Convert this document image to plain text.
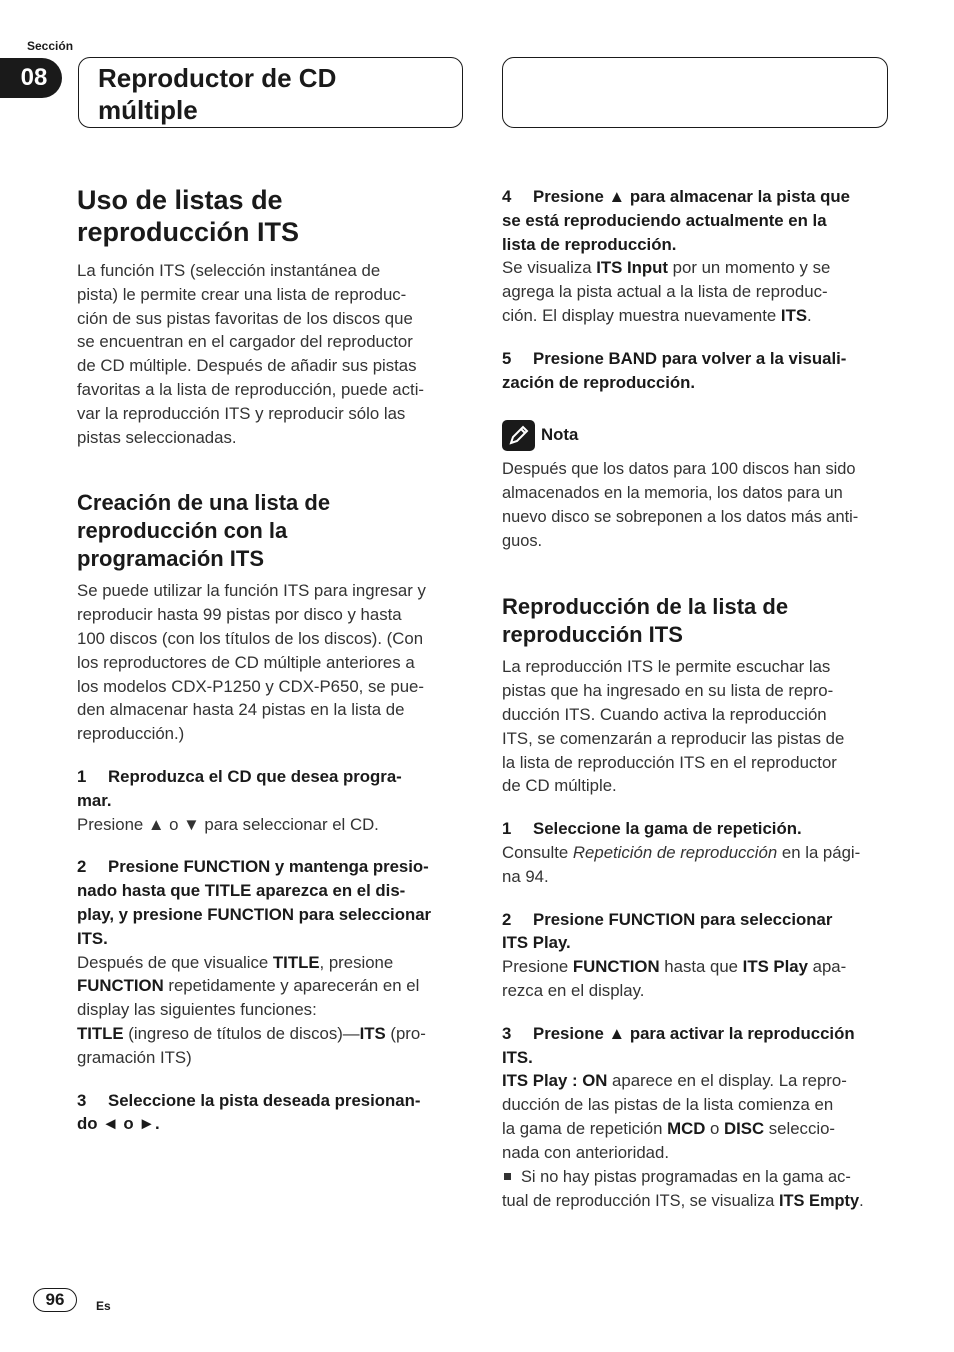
Sección
08	Reproductor de CD
múltiple
Uso de listas de
reproducción ITS

La función ITS (selección instantánea de
pista) le permite crear una lista de reproduc-
ción de sus pistas favoritas de los discos que
se encuentran en el cargador del reproductor
de CD múltiple. Después de añadir sus pistas
favoritas a la lista de reproducción, puede acti-
var la reproducción ITS y reproducir sólo las
pistas seleccionadas.

Creación de una lista de
reproducción con la
programación ITS

Se puede utilizar la función ITS para ingresar y
reproducir hasta 99 pistas por disco y hasta
100 discos (con los títulos de los discos). (Con
los reproductores de CD múltiple anteriores a
los modelos CDX-P1250 y CDX-P650, se pue-
den almacenar hasta 24 pistas en la lista de
reproducción.)

1 Reproduzca el CD que desea progra-
mar.

Presione ▲ o ▼ para seleccionar el CD.

2 Presione FUNCTION y mantenga presio-
nado hasta que TITLE aparezca en el dis-
play, y presione FUNCTION para seleccionar
ITS.

Después de que visualice TITLE, presione
FUNCTION repetidamente y aparecerán en el
display las siguientes funciones:
TITLE (ingreso de títulos de discos)—ITS (pro-
gramación ITS)

3 Seleccione la pista deseada presionan-
do ◄ o ►.

4 Presione ▲ para almacenar la pista que
se está reproduciendo actualmente en la
lista de reproducción.

Se visualiza ITS Input por un momento y se
agrega la pista actual a la lista de reproduc-
ción. El display muestra nuevamente ITS.

5 Presione BAND para volver a la visuali-
zación de reproducción.

Nota

Después que los datos para 100 discos han sido
almacenados en la memoria, los datos para un
nuevo disco se sobreponen a los datos más anti-
guos.

Reproducción de la lista de
reproducción ITS

La reproducción ITS le permite escuchar las
pistas que ha ingresado en su lista de repro-
ducción ITS. Cuando activa la reproducción
ITS, se comenzarán a reproducir las pistas de
la lista de reproducción ITS en el reproductor
de CD múltiple.

1 Seleccione la gama de repetición.

Consulte Repetición de reproducción en la pági-
na 94.

2 Presione FUNCTION para seleccionar
ITS Play.

Presione FUNCTION hasta que ITS Play apa-
rezca en el display.

3 Presione ▲ para activar la reproducción
ITS.

ITS Play : ON aparece en el display. La repro-
ducción de las pistas de la lista comienza en
la gama de repetición MCD o DISC seleccio-
nada con anterioridad.

Si no hay pistas programadas en la gama ac-
tual de reproducción ITS, se visualiza ITS Empty.

96	Es
